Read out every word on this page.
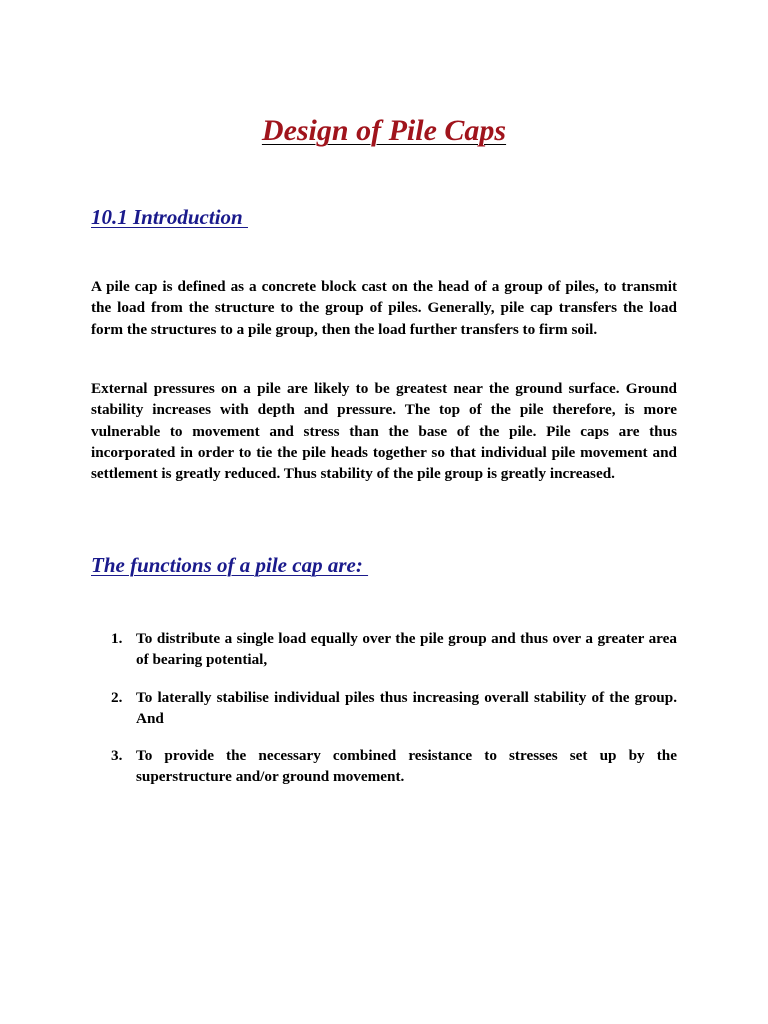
Design of Pile Caps
10.1 Introduction

A pile cap is defined as a concrete block cast on the head of a group of piles, to transmit the load from the structure to the group of piles. Generally, pile cap transfers the load form the structures to a pile group, then the load further transfers to firm soil.

External pressures on a pile are likely to be greatest near the ground surface. Ground stability increases with depth and pressure. The top of the pile therefore, is more vulnerable to movement and stress than the base of the pile. Pile caps are thus incorporated in order to tie the pile heads together so that individual pile movement and settlement is greatly reduced. Thus stability of the pile group is greatly increased.

The functions of a pile cap are:
1. To distribute a single load equally over the pile group and thus over a greater area of bearing potential,
2. To laterally stabilise individual piles thus increasing overall stability of the group. And
3. To provide the necessary combined resistance to stresses set up by the superstructure and/or ground movement.
